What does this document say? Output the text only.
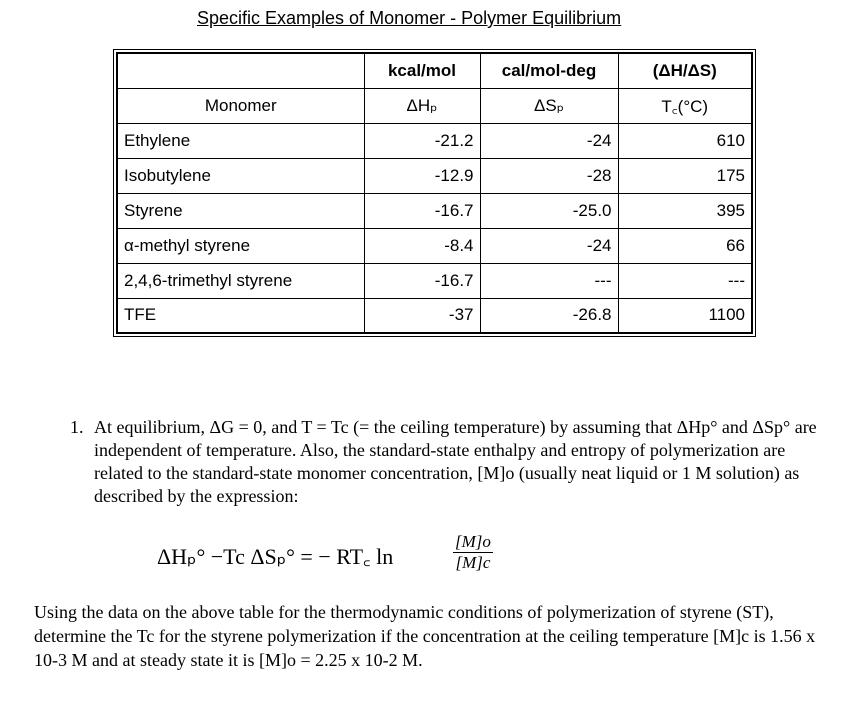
Specific Examples of Monomer - Polymer Equilibrium
	kcal/mol	cal/mol-deg	(ΔH/ΔS)
Monomer	ΔHₚ	ΔSₚ	T꜀(°C)
Ethylene	-21.2	-24	610
Isobutylene	-12.9	-28	175
Styrene	-16.7	-25.0	395
α-methyl styrene	-8.4	-24	66
2,4,6-trimethyl styrene	-16.7	---	---
TFE	-37	-26.8	1100
1. At equilibrium, ΔG = 0, and T = Tc (= the ceiling temperature) by assuming that ΔHp° and ΔSp° are independent of temperature. Also, the standard-state enthalpy and entropy of polymerization are related to the standard-state monomer concentration, [M]o (usually neat liquid or 1 M solution) as described by the expression:
ΔHₚ° −Tc ΔSₚ° = − RT꜀ ln	$\frac{[M]o}{[M]c}$
Using the data on the above table for the thermodynamic conditions of polymerization of styrene (ST), determine the Tc for the styrene polymerization if the concentration at the ceiling temperature [M]c is 1.56 x 10-3 M and at steady state it is [M]o = 2.25 x 10-2 M.
